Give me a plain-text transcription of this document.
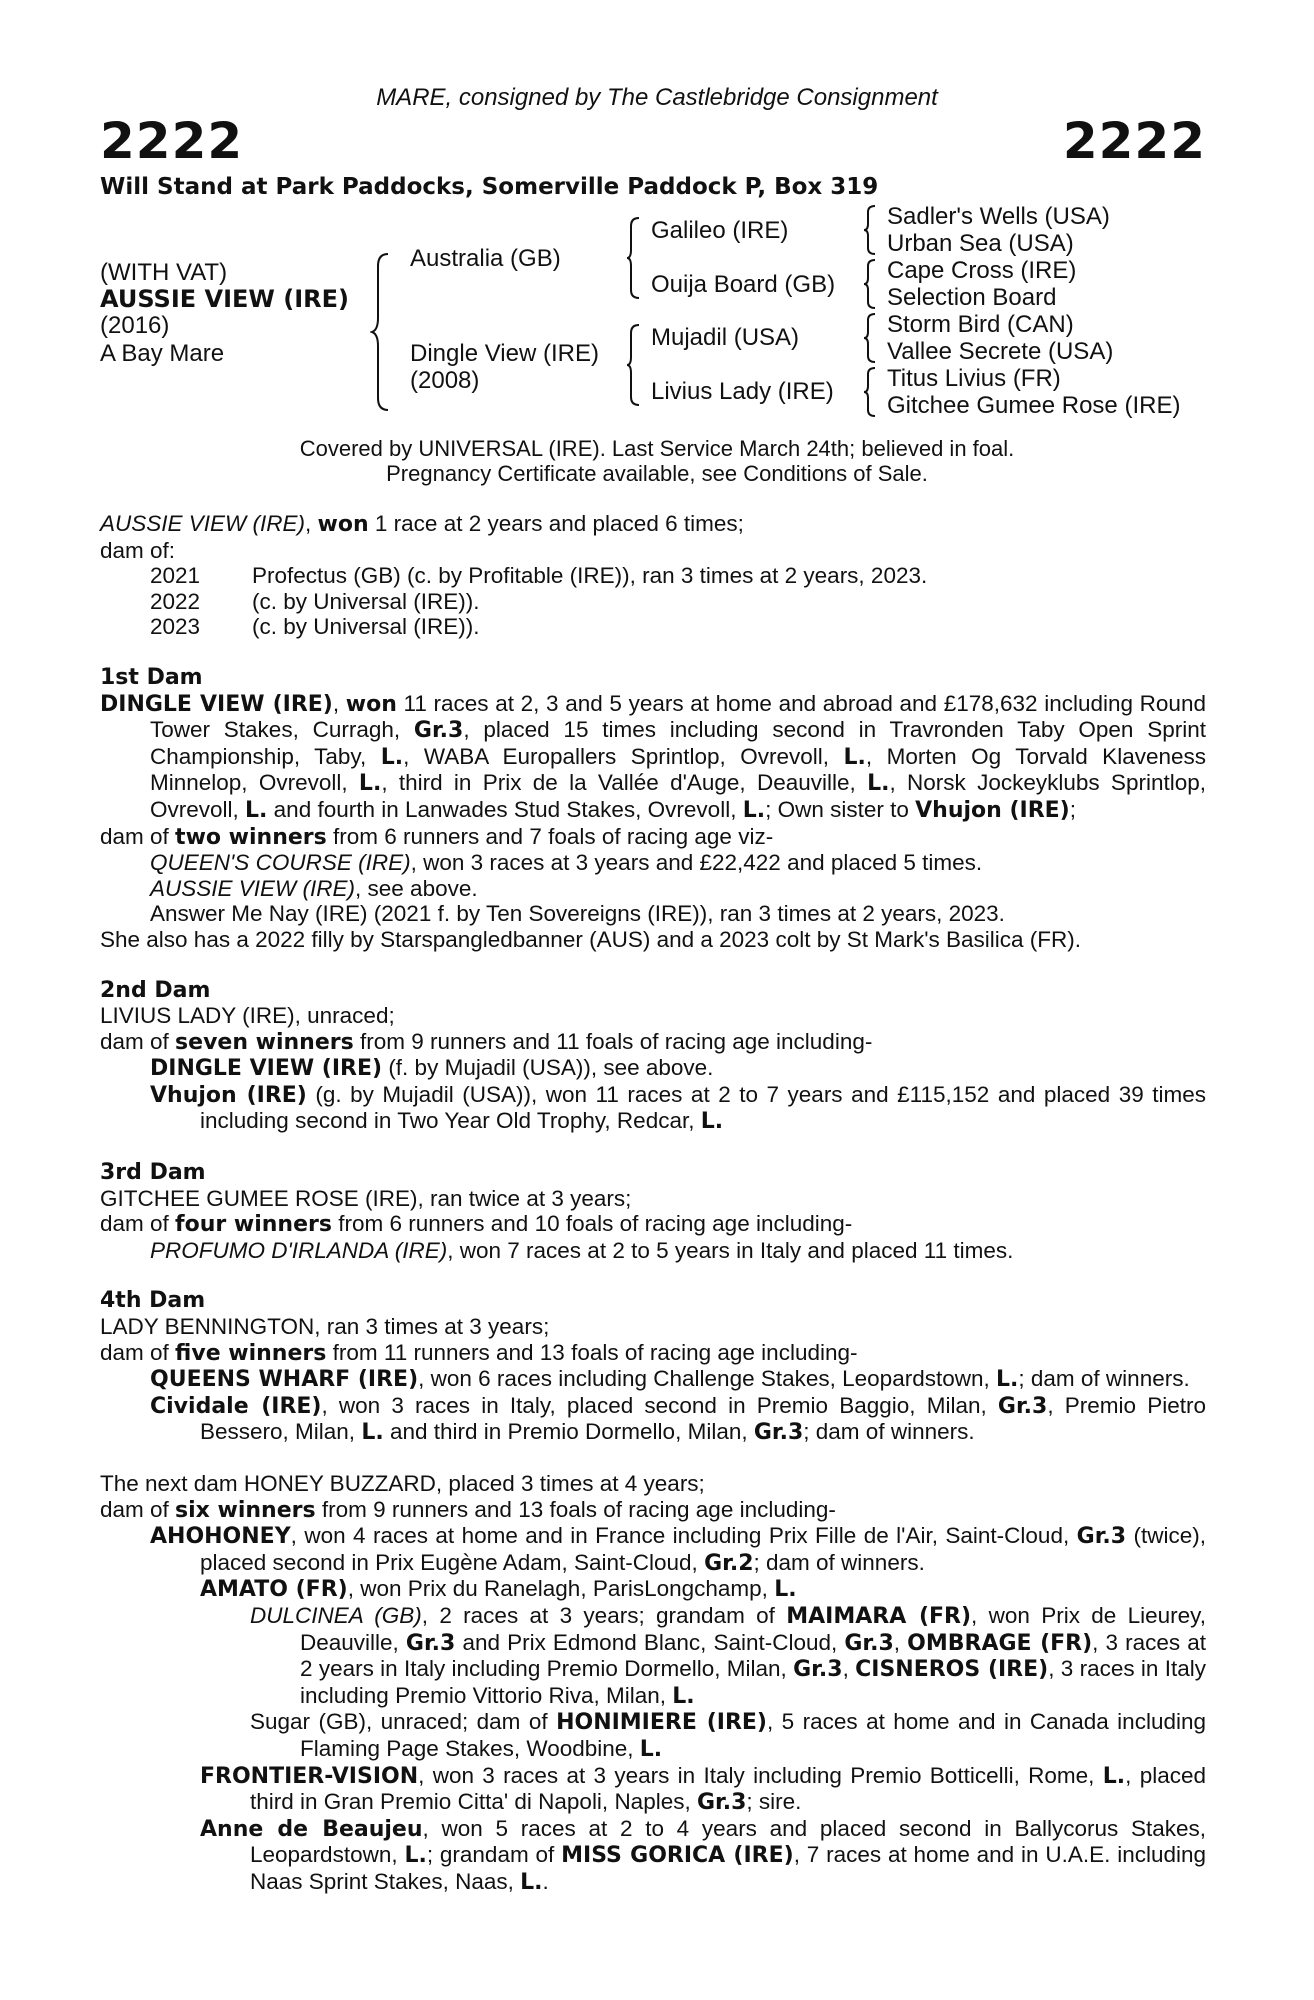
MARE, consigned by The Castlebridge Consignment
2222	2222
Will Stand at Park Paddocks, Somerville Paddock P, Box 319
(WITH VAT)
AUSSIE VIEW (IRE)
(2016)
A Bay Mare
Australia (GB)
Dingle View (IRE)
(2008)
Galileo (IRE)
Ouija Board (GB)
Mujadil (USA)
Livius Lady (IRE)
Sadler's Wells (USA)
Urban Sea (USA)
Cape Cross (IRE)
Selection Board
Storm Bird (CAN)
Vallee Secrete (USA)
Titus Livius (FR)
Gitchee Gumee Rose (IRE)
Covered by UNIVERSAL (IRE). Last Service March 24th; believed in foal.
Pregnancy Certificate available, see Conditions of Sale.

AUSSIE VIEW (IRE), won 1 race at 2 years and placed 6 times;

dam of:

2021 Profectus (GB) (c. by Profitable (IRE)), ran 3 times at 2 years, 2023.

2022 (c. by Universal (IRE)).

2023 (c. by Universal (IRE)).

1st Dam

DINGLE VIEW (IRE), won 11 races at 2, 3 and 5 years at home and abroad and £178,632 including Round Tower Stakes, Curragh, Gr.3, placed 15 times including second in Travronden Taby Open Sprint Championship, Taby, L., WABA Europallers Sprintlop, Ovrevoll, L., Morten Og Torvald Klaveness Minnelop, Ovrevoll, L., third in Prix de la Vallée d'Auge, Deauville, L., Norsk Jockeyklubs Sprintlop, Ovrevoll, L. and fourth in Lanwades Stud Stakes, Ovrevoll, L.; Own sister to Vhujon (IRE);

dam of two winners from 6 runners and 7 foals of racing age viz-

QUEEN'S COURSE (IRE), won 3 races at 3 years and £22,422 and placed 5 times.

AUSSIE VIEW (IRE), see above.

Answer Me Nay (IRE) (2021 f. by Ten Sovereigns (IRE)), ran 3 times at 2 years, 2023.

She also has a 2022 filly by Starspangledbanner (AUS) and a 2023 colt by St Mark's Basilica (FR).

2nd Dam

LIVIUS LADY (IRE), unraced;

dam of seven winners from 9 runners and 11 foals of racing age including-

DINGLE VIEW (IRE) (f. by Mujadil (USA)), see above.

Vhujon (IRE) (g. by Mujadil (USA)), won 11 races at 2 to 7 years and £115,152 and placed 39 times including second in Two Year Old Trophy, Redcar, L.

3rd Dam

GITCHEE GUMEE ROSE (IRE), ran twice at 3 years;

dam of four winners from 6 runners and 10 foals of racing age including-

PROFUMO D'IRLANDA (IRE), won 7 races at 2 to 5 years in Italy and placed 11 times.

4th Dam

LADY BENNINGTON, ran 3 times at 3 years;

dam of five winners from 11 runners and 13 foals of racing age including-

QUEENS WHARF (IRE), won 6 races including Challenge Stakes, Leopardstown, L.; dam of winners.

Cividale (IRE), won 3 races in Italy, placed second in Premio Baggio, Milan, Gr.3, Premio Pietro Bessero, Milan, L. and third in Premio Dormello, Milan, Gr.3; dam of winners.

The next dam HONEY BUZZARD, placed 3 times at 4 years;

dam of six winners from 9 runners and 13 foals of racing age including-

AHOHONEY, won 4 races at home and in France including Prix Fille de l'Air, Saint-Cloud, Gr.3 (twice), placed second in Prix Eugène Adam, Saint-Cloud, Gr.2; dam of winners.

AMATO (FR), won Prix du Ranelagh, ParisLongchamp, L.

DULCINEA (GB), 2 races at 3 years; grandam of MAIMARA (FR), won Prix de Lieurey, Deauville, Gr.3 and Prix Edmond Blanc, Saint-Cloud, Gr.3, OMBRAGE (FR), 3 races at 2 years in Italy including Premio Dormello, Milan, Gr.3, CISNEROS (IRE), 3 races in Italy including Premio Vittorio Riva, Milan, L.

Sugar (GB), unraced; dam of HONIMIERE (IRE), 5 races at home and in Canada including Flaming Page Stakes, Woodbine, L.

FRONTIER-VISION, won 3 races at 3 years in Italy including Premio Botticelli, Rome, L., placed third in Gran Premio Citta' di Napoli, Naples, Gr.3; sire.

Anne de Beaujeu, won 5 races at 2 to 4 years and placed second in Ballycorus Stakes, Leopardstown, L.; grandam of MISS GORICA (IRE), 7 races at home and in U.A.E. including Naas Sprint Stakes, Naas, L..
